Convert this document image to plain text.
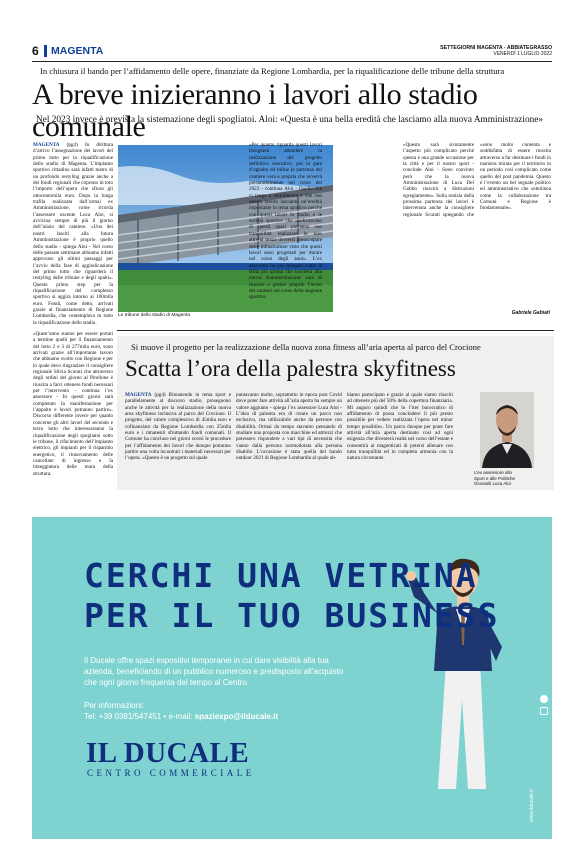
6	MAGENTA	SETTEGIORNI MAGENTA - ABBIATEGRASSO
VENERDÌ 1 LUGLIO 2022
In chiusura il bando per l’affidamento delle opere, finanziate da Regione Lombardia, per la riqualificazione delle tribune della struttura
A breve inizieranno i lavori allo stadio comunale
Nel 2023 invece è prevista la sistemazione degli spogliatoi. Aloi: «Questa è una bella eredità che lasciamo alla nuova Amministrazione»
MAGENTA (pg4) In dirittura d’arrivo l’assegnazione dei lavori del primo lotto per la riqualificazione dello stadio di Magenta. L’impianto sportivo cittadino sarà infatti teatro di un profondo restyling grazie anche a dei fondi regionali che coprono in toto l’importo dell’opera che sfiora gli ottocentomila euro. Dopo la lunga trafila realizzata dall’ormai ex Amministrazione, come ricorda l’assessore uscente Luca Aloi, si avvicina sempre di più il giorno dell’inizio del cantiere. «Uno dei nostri lasciti alla futura Amministrazione è proprio quello dello stadio - spiega Aloi - Nel corso delle passate settimane abbiamo infatti approvato gli ultimi passaggi per l’avvio della fase di aggiudicazione del primo lotto che riguarderà il restyling delle tribune e degli spalti». Questo primo step per la riqualificazione del complesso sportivo si aggira intorno ai 100mila euro. Fondi, come detto, arrivati grazie al finanziamento di Regione Lombardia, che contemplava in tutto la riqualificazione dello stadio.
«Quest’anno stanno per essere portati a termine quelli per il finanziamento del lotto 2 e 3 di 277mila euro, sono arrivati grazie all’importante lavoro che abbiamo svolto con Regione e per lo quale devo ringraziare il consigliere regionale Silvia Scurati che attraverso degli ordini del giorno al Pirellone è riuscita a farci ottenere fondi necessari per l’intervento - continua l’ex assessore - In questi giorni sarà completato la manifestazione per l’appalto e lavori potranno partire». Discorso differente invece per quanto concerne gli altri lavori del secondo e terzo lotto che interesseranno la riqualificazione degli spogliatoi sotto le tribune, il rifacimento dell’impianto elettrico, gli impianti per il risparmio energetico, il rinnovamento delle cancellate di ingresso e la tinteggiatura delle mura della struttura.
Le tribune dello stadio di Magenta
«Per quanto riguarda questi lavori bisognerà attendere la realizzazione del progetto definitivo esecutivo, poi la gara d’appalto ed infine la partenza del cantiere vera e propria che avverrà presumibilmente nel corso del 2023 - continua Aloi - Quello che ci tengo a sottolineare è che con questo lavoro lasciamo un’eredità importante in tema sportivo perché con questi lavori lo stadio e le società sportive che usufruiscono di questi spazi potranno con tranquillità realizzare le loro attività senza dovrersi preoccupare delle infrastrutture visto che questi lavori sono progettati per durare nel corso degli anni». L’ex assessore ha poi spiegato come la sfida più grossa che toccherà alla nuova Amministrazione sarà di riuscire a gestire proprio l’avvio dei cantieri nel corso della stagione sportiva.
«Questo sarà sicuramente l’aspetto più complicato perché questa è una grande occasione per la città e per il nostro sport - conclude Aloi - Sono convinto però che la nuova Amministrazione di Luca Del Gobbo riuscirà a distruzioni egregiamente». Sulla notizia della prossima partenza dei lavori è intervenuta anche la consigliere regionale Scurati spiegando che «sono molto contenta e soddisfatta di essere riuscita attraverso a far destinare i fondi in maniera mirata per il territorio in un periodo così complicato come quello del post pandemia. Questo è l’evento un bel segnale politico ed amministrativo che sottolinea come la collaborazione tra Comuni e Regione è fondamentale».
Gabriele Gabiati
Si muove il progetto per la realizzazione della nuova zona fitness all’aria aperta al parco del Crocione
Scatta l’ora della palestra skyfitness
MAGENTA (pg4) Rimanendo in tema sport e parallelamente al discorso stadio, proseguono anche le attività per la realizzazione della nuova area skyfitness inclusiva al parco del Crocione. Il progetto, del valore complessivo di 45mila euro e cofinanziato da Regione Lombardia con 25mila euro e i rimanenti sfruttando fondi comunali. Il Comune ha concluso nei giorni scorsi le procedure per l’affidamento dei lavori che dunque potranno partire una volta incontrati i materiali necessari per l’opera. «Questo è un progetto sul quale
puntavamo molto, soprattutto in epoca post Covid dove poter fare attività all’aria aperta ha sempre un valore aggiunto - spiega l’ex assessore Luca Aloi - L’idea di palestra era di creare un parco non esclusivo, ma utilizzabile anche da persone con disabilità. Ormai da tempo stavamo pensando di studiare una proposta con macchine ed attrezzi che potessero rispondere a vari tipi di necessità che vanno dalla persona normodotata alla persona disabile. L’occasione è stata quella del bando outdoor 2021 di Regione Lombardia al quale ab-
biamo partecipato e grazie al quale siamo riusciti ad ottenere più del 50% della copertura finanziaria. Mi auguro quindi che lo l’iter burocratico di affidamento di possa concludere il più presto possibile per vedere realizzata l’opera nel minor tempo possibile». Un parco dunque per poter fare attività all’aria aperta destinato così ad ogni esigenza che diventerà realtà nel corso dell’estate e consentirà ai magenticati di potersi allenare con tutta tranquillità ed in completa armonia con la natura circostante.
L’ex assessore allo Sport e alle Politiche Giovanili Luca Aloi
CERCHI UNA VETRINA
PER IL TUO BUSINESS
Il Ducale offre spazi espositivi temporanei in cui dare visibilità alla tua
azienda, beneficiando di un pubblico numeroso e predisposto all’acquisto
che ogni giorno frequenta del tempo al Centro.
Per informazioni:
Tel: +39 0381/547451 • e-mail: spaziexpo@ilducale.it
www.ilducale.it
IL DUCALE
CENTRO COMMERCIALE
